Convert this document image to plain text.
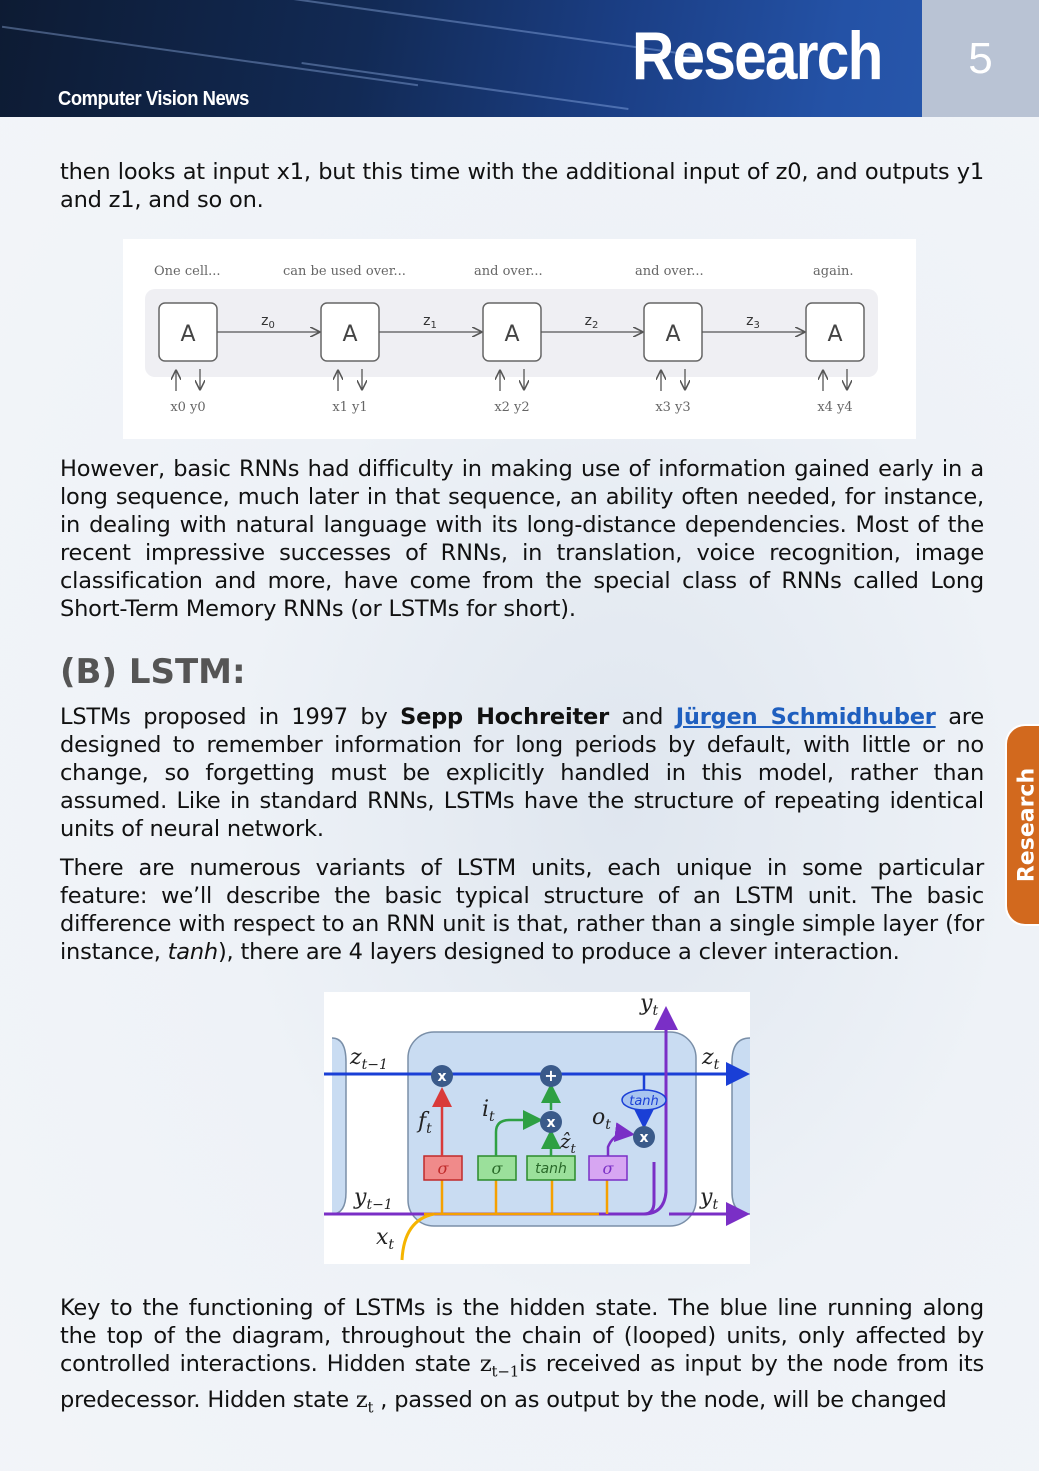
Computer Vision News
Research	5
Research
then looks at input x1, but this time with the additional input of z0, and outputs y1 and z1, and so on.
One cell...	can be used over...	and over...	and over...	again.
A
x0 y0
$z_0$	A
x1 y1
$z_1$	A
x2 y2
$z_2$	A
x3 y3
$z_3$	A
x4 y4
However, basic RNNs had difficulty in making use of information gained early in a long sequence, much later in that sequence, an ability often needed, for instance, in dealing with natural language with its long-distance dependencies. Most of the recent impressive successes of RNNs, in translation, voice recognition, image classification and more, have come from the special class of RNNs called Long Short-Term Memory RNNs (or LSTMs for short).
(B) LSTM:
LSTMs proposed in 1997 by Sepp Hochreiter and Jürgen Schmidhuber are designed to remember information for long periods by default, with little or no change, so forgetting must be explicitly handled in this model, rather than assumed. Like in standard RNNs, LSTMs have the structure of repeating identical units of neural network.
There are numerous variants of LSTM units, each unique in some particular feature: we’ll describe the basic typical structure of an LSTM unit. The basic difference with respect to an RNN unit is that, rather than a single simple layer (for instance, tanh), there are 4 layers designed to produce a clever interaction.
σ	σ tanh σ
tanh
x	+
x
x
$z_{t-1}$	$z_t$
$y_{t-1}$	$y_t$
$y_t$
$x_t$
$f_t$
$i_t$	$o_t$
ẑ$_t$
Key to the functioning of LSTMs is the hidden state. The blue line running along the top of the diagram, throughout the chain of (looped) units, only affected by controlled interactions. Hidden state $z_{t-1}is$ received as input by the node from its predecessor. Hidden state $z_t$ , passed on as output by the node, will be changed
